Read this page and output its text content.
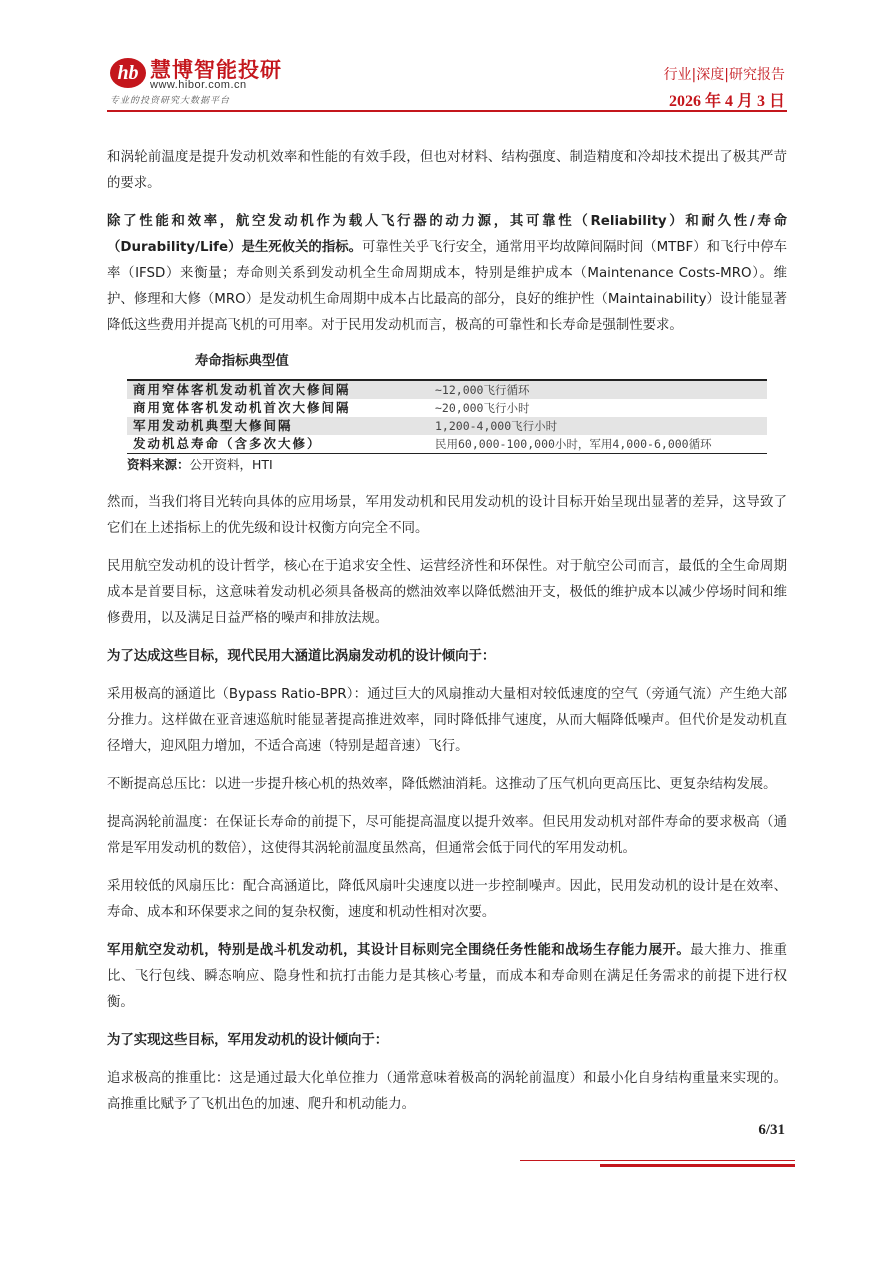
hb 慧博智能投研
www.hibor.com.cn
专业的投资研究大数据平台
行业|深度|研究报告
2026 年 4 月 3 日

和涡轮前温度是提升发动机效率和性能的有效手段，但也对材料、结构强度、制造精度和冷却技术提出了极其严苛的要求。

除了性能和效率，航空发动机作为载人飞行器的动力源，其可靠性（Reliability）和耐久性/寿命（Durability/Life）是生死攸关的指标。可靠性关乎飞行安全，通常用平均故障间隔时间（MTBF）和飞行中停车率（IFSD）来衡量；寿命则关系到发动机全生命周期成本，特别是维护成本（Maintenance Costs-MRO）。维护、修理和大修（MRO）是发动机生命周期中成本占比最高的部分，良好的维护性（Maintainability）设计能显著降低这些费用并提高飞机的可用率。对于民用发动机而言，极高的可靠性和长寿命是强制性要求。

寿命指标典型值
商用窄体客机发动机首次大修间隔	~12,000飞行循环
商用宽体客机发动机首次大修间隔	~20,000飞行小时
军用发动机典型大修间隔	1,200-4,000飞行小时
发动机总寿命（含多次大修）	民用60,000-100,000小时，军用4,000-6,000循环
资料来源：公开资料，HTI

然而，当我们将目光转向具体的应用场景，军用发动机和民用发动机的设计目标开始呈现出显著的差异，这导致了它们在上述指标上的优先级和设计权衡方向完全不同。

民用航空发动机的设计哲学，核心在于追求安全性、运营经济性和环保性。对于航空公司而言，最低的全生命周期成本是首要目标，这意味着发动机必须具备极高的燃油效率以降低燃油开支，极低的维护成本以减少停场时间和维修费用，以及满足日益严格的噪声和排放法规。

为了达成这些目标，现代民用大涵道比涡扇发动机的设计倾向于：

采用极高的涵道比（Bypass Ratio-BPR）：通过巨大的风扇推动大量相对较低速度的空气（旁通气流）产生绝大部分推力。这样做在亚音速巡航时能显著提高推进效率，同时降低排气速度，从而大幅降低噪声。但代价是发动机直径增大，迎风阻力增加，不适合高速（特别是超音速）飞行。

不断提高总压比：以进一步提升核心机的热效率，降低燃油消耗。这推动了压气机向更高压比、更复杂结构发展。

提高涡轮前温度：在保证长寿命的前提下，尽可能提高温度以提升效率。但民用发动机对部件寿命的要求极高（通常是军用发动机的数倍），这使得其涡轮前温度虽然高，但通常会低于同代的军用发动机。

采用较低的风扇压比：配合高涵道比，降低风扇叶尖速度以进一步控制噪声。因此，民用发动机的设计是在效率、寿命、成本和环保要求之间的复杂权衡，速度和机动性相对次要。

军用航空发动机，特别是战斗机发动机，其设计目标则完全围绕任务性能和战场生存能力展开。最大推力、推重比、飞行包线、瞬态响应、隐身性和抗打击能力是其核心考量，而成本和寿命则在满足任务需求的前提下进行权衡。

为了实现这些目标，军用发动机的设计倾向于：

追求极高的推重比：这是通过最大化单位推力（通常意味着极高的涡轮前温度）和最小化自身结构重量来实现的。高推重比赋予了飞机出色的加速、爬升和机动能力。

6/31
